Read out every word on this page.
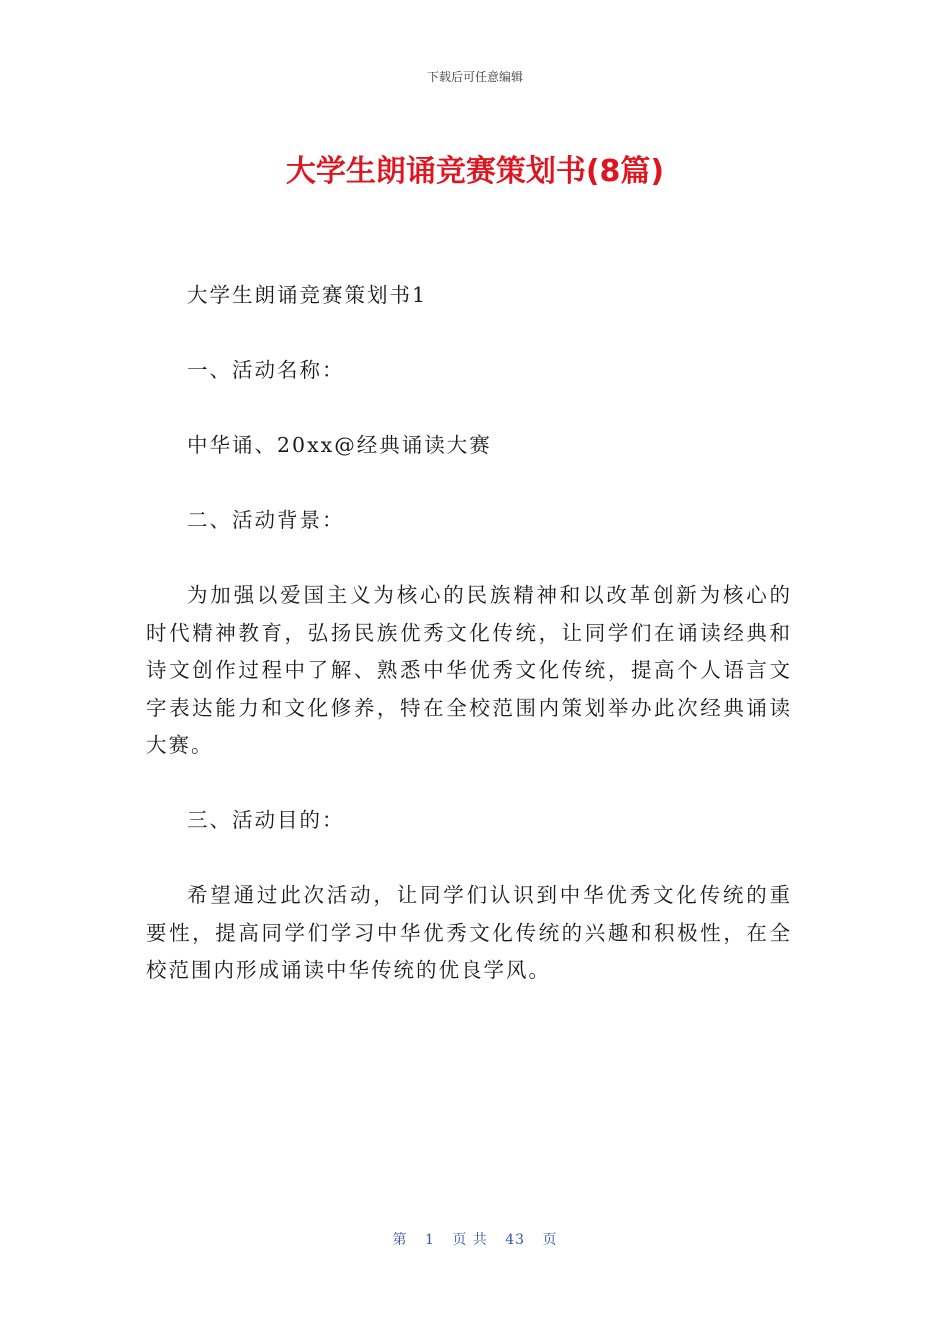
下载后可任意编辑
大学生朗诵竞赛策划书(8篇)

大学生朗诵竞赛策划书1

一、活动名称：

中华诵、20xx@经典诵读大赛

二、活动背景：

为加强以爱国主义为核心的民族精神和以改革创新为核心的时代精神教育，弘扬民族优秀文化传统，让同学们在诵读经典和诗文创作过程中了解、熟悉中华优秀文化传统，提高个人语言文字表达能力和文化修养，特在全校范围内策划举办此次经典诵读大赛。

三、活动目的：

希望通过此次活动，让同学们认识到中华优秀文化传统的重要性，提高同学们学习中华优秀文化传统的兴趣和积极性，在全校范围内形成诵读中华传统的优良学风。

第 1 页 共 43 页
